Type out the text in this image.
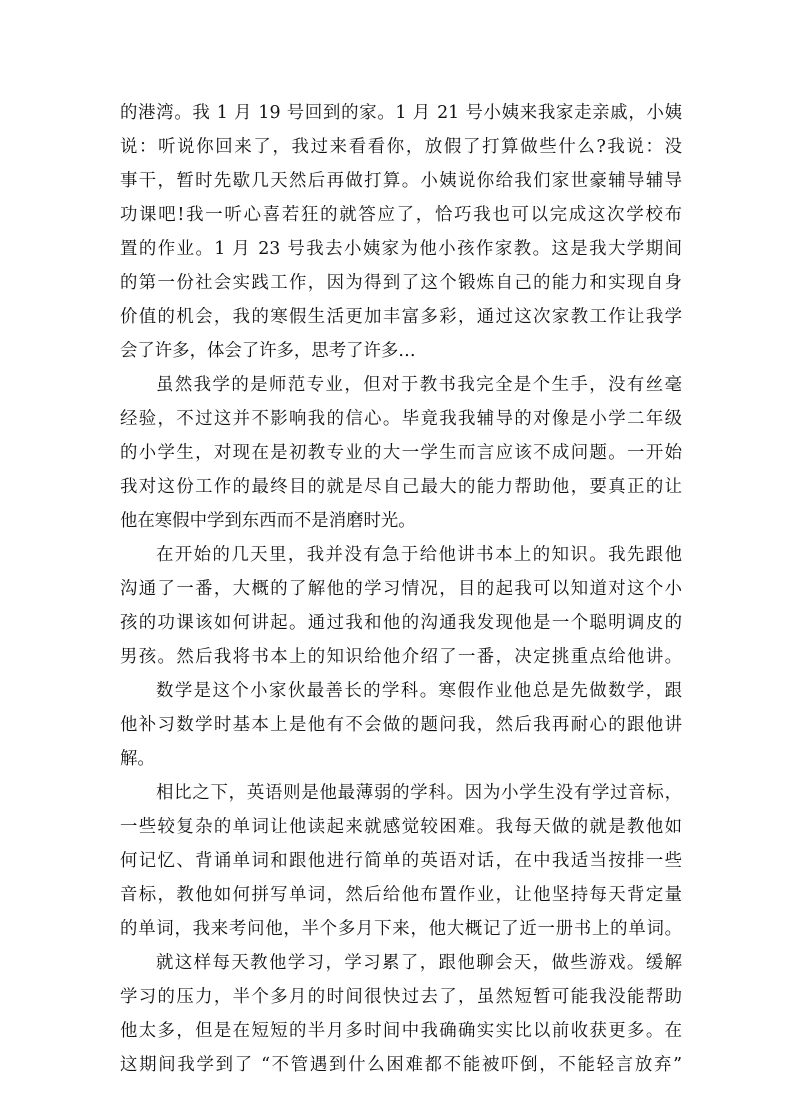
的港湾。我 1 月 19 号回到的家。1 月 21 号小姨来我家走亲戚，小姨
说：听说你回来了，我过来看看你，放假了打算做些什么?我说：没
事干，暂时先歇几天然后再做打算。小姨说你给我们家世豪辅导辅导
功课吧!我一听心喜若狂的就答应了，恰巧我也可以完成这次学校布
置的作业。1 月 23 号我去小姨家为他小孩作家教。这是我大学期间
的第一份社会实践工作，因为得到了这个锻炼自己的能力和实现自身
价值的机会，我的寒假生活更加丰富多彩，通过这次家教工作让我学
会了许多，体会了许多，思考了许多…
虽然我学的是师范专业，但对于教书我完全是个生手，没有丝毫
经验，不过这并不影响我的信心。毕竟我我辅导的对像是小学二年级
的小学生，对现在是初教专业的大一学生而言应该不成问题。一开始
我对这份工作的最终目的就是尽自己最大的能力帮助他，要真正的让
他在寒假中学到东西而不是消磨时光。
在开始的几天里，我并没有急于给他讲书本上的知识。我先跟他
沟通了一番，大概的了解他的学习情况，目的起我可以知道对这个小
孩的功课该如何讲起。通过我和他的沟通我发现他是一个聪明调皮的
男孩。然后我将书本上的知识给他介绍了一番，决定挑重点给他讲。
数学是这个小家伙最善长的学科。寒假作业他总是先做数学，跟
他补习数学时基本上是他有不会做的题问我，然后我再耐心的跟他讲
解。
相比之下，英语则是他最薄弱的学科。因为小学生没有学过音标，
一些较复杂的单词让他读起来就感觉较困难。我每天做的就是教他如
何记忆、背诵单词和跟他进行简单的英语对话，在中我适当按排一些
音标，教他如何拼写单词，然后给他布置作业，让他坚持每天背定量
的单词，我来考问他，半个多月下来，他大概记了近一册书上的单词。
就这样每天教他学习，学习累了，跟他聊会天，做些游戏。缓解
学习的压力，半个多月的时间很快过去了，虽然短暂可能我没能帮助
他太多，但是在短短的半月多时间中我确确实实比以前收获更多。在
这期间我学到了 “不管遇到什么困难都不能被吓倒，不能轻言放弃”
